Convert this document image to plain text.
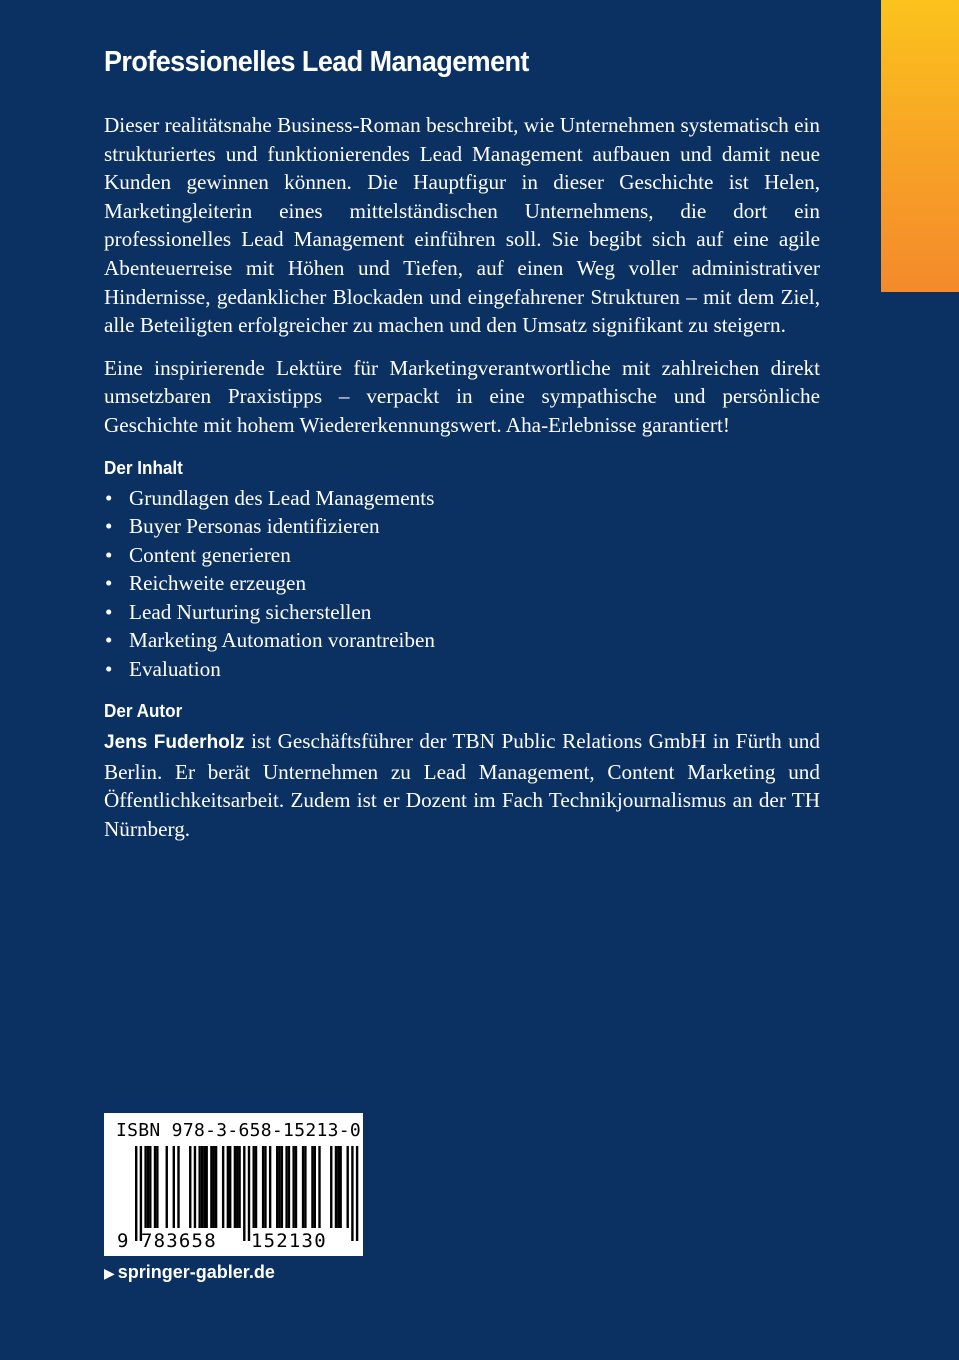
Professionelles Lead Management

Dieser realitätsnahe Business-Roman beschreibt, wie Unternehmen systematisch ein strukturiertes und funktionierendes Lead Management aufbauen und damit neue Kunden gewinnen können. Die Hauptfigur in dieser Geschichte ist Helen, Marketingleiterin eines mittelständischen Unternehmens, die dort ein professionelles Lead Management einführen soll. Sie begibt sich auf eine agile Abenteuerreise mit Höhen und Tiefen, auf einen Weg voller administrativer Hindernisse, gedanklicher Blockaden und eingefahrener Strukturen – mit dem Ziel, alle Beteiligten erfolgreicher zu machen und den Umsatz signifikant zu steigern.

Eine inspirierende Lektüre für Marketingverantwortliche mit zahlreichen direkt umsetzbaren Praxistipps – verpackt in eine sympathische und persönliche Geschichte mit hohem Wiedererkennungswert. Aha-Erlebnisse garantiert!

Der Inhalt
• Grundlagen des Lead Managements
• Buyer Personas identifizieren
• Content generieren
• Reichweite erzeugen
• Lead Nurturing sicherstellen
• Marketing Automation vorantreiben
• Evaluation
Der Autor

Jens Fuderholz ist Geschäftsführer der TBN Public Relations GmbH in Fürth und Berlin. Er berät Unternehmen zu Lead Management, Content Marketing und Öffentlichkeitsarbeit. Zudem ist er Dozent im Fach Technikjournalismus an der TH Nürnberg.

ISBN 978-3-658-15213-0
9 783658 152130
▶ springer-gabler.de
